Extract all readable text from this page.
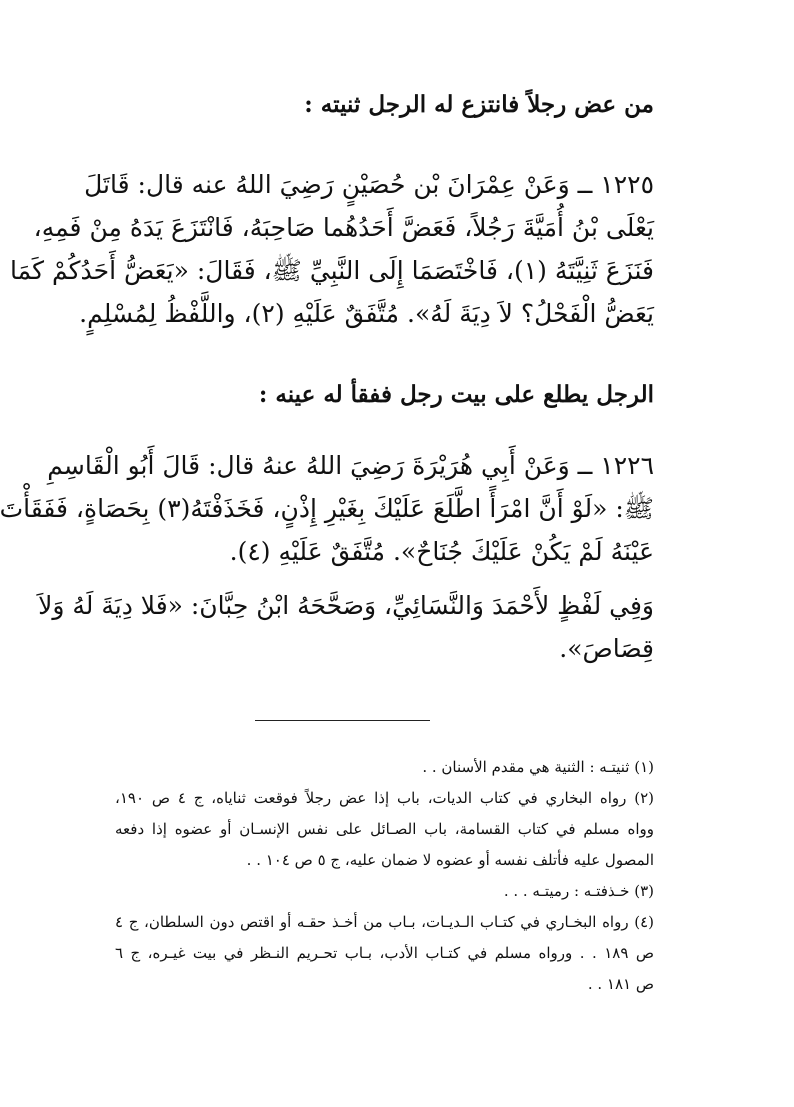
من عض رجلاً فانتزع له الرجل ثنيته :
١٢٢٥ ــ وَعَنْ عِمْرَانَ بْن حُصَيْنٍ رَضِيَ اللهُ عنه قال: قَاتَلَ
يَعْلَى بْنُ أُمَيَّةَ رَجُلاً، فَعَضَّ أَحَدُهُما صَاحِبَهُ، فَانْتَزَعَ يَدَهُ مِنْ فَمِهِ،
فَنَزَعَ ثَنِيَّتَهُ (١)، فَاخْتَصَمَا إِلَى النَّبِيِّ ﷺ، فَقَالَ: «يَعَضُّ أَحَدُكُمْ كَمَا
يَعَضُّ الْفَحْلُ؟ لاَ دِيَةَ لَهُ». مُتَّفَقٌ عَلَيْهِ (٢)، واللَّفْظُ لِمُسْلِمٍ.
الرجل يطلع على بيت رجل ففقأ له عينه :
١٢٢٦ ــ وَعَنْ أَبِي هُرَيْرَةَ رَضِيَ اللهُ عنهُ قال: قَالَ أَبُو الْقَاسِمِ
ﷺ: «لَوْ أَنَّ امْرَأً اطَّلَعَ عَلَيْكَ بِغَيْرِ إِذْنٍ، فَخَذَفْتَهُ(٣) بِحَصَاةٍ، فَفَقَأْتَ
عَيْنَهُ لَمْ يَكُنْ عَلَيْكَ جُنَاحٌ». مُتَّفَقٌ عَلَيْهِ (٤).
وَفِي لَفْظٍ لأَحْمَدَ وَالنَّسَائِيِّ، وَصَحَّحَهُ ابْنُ حِبَّانَ: «فَلا دِيَةَ لَهُ وَلاَ
قِصَاصَ».
(١) ثنيتـه : الثنية هي مقدم الأسنان . .
(٢) رواه البخاري في كتاب الديات، باب إذا عض رجلاً فوقعت ثناياه، ج ٤ ص ١٩٠،
وواه مسلم في كتاب القسامة، باب الصـائل على نفس الإنسـان أو عضوه إذا دفعه
المصول عليه فأتلف نفسه أو عضوه لا ضمان عليه، ج ٥ ص ١٠٤ . .
(٣) خـذفتـه : رميتـه . . .
(٤) رواه البخـاري في كتـاب الـديـات، بـاب من أخـذ حقـه أو اقتص دون السلطان، ج ٤
ص ١٨٩ . . ورواه مسلم في كتـاب الأدب، بـاب تحـريم النـظر في بيت غيـره، ج ٦
ص ١٨١ . .
